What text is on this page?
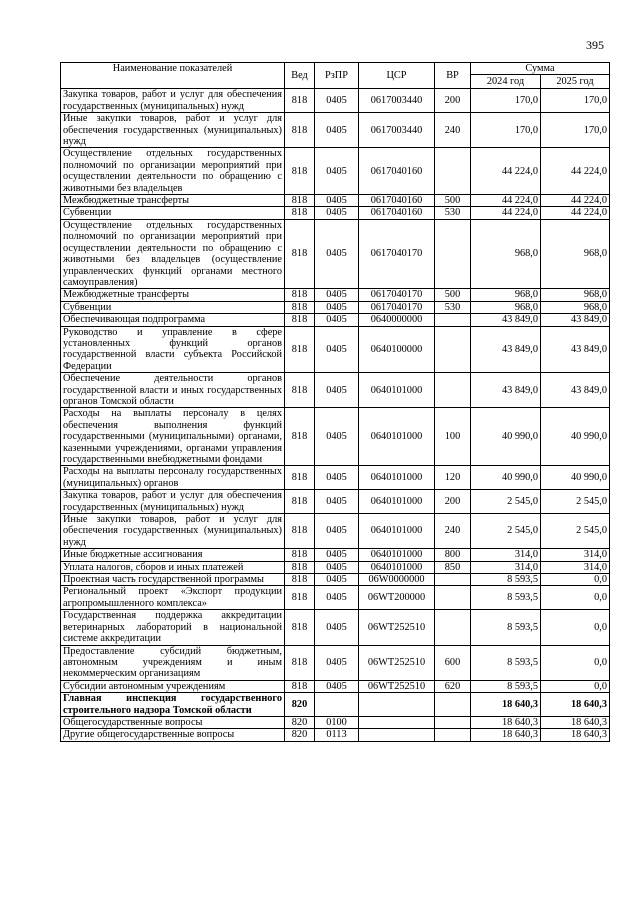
395
Наименование показателей	Вед	РзПР	ЦСР	ВР	Сумма	
					2024 год	2025 год
Закупка товаров, работ и услуг для обеспечения государственных (муниципальных) нужд	818	0405	0617003440	200	170,0	170,0
Иные закупки товаров, работ и услуг для обеспечения государственных (муниципальных) нужд	818	0405	0617003440	240	170,0	170,0
Осуществление отдельных государственных полномочий по организации мероприятий при осуществлении деятельности по обращению с животными без владельцев	818	0405	0617040160		44 224,0	44 224,0
Межбюджетные трансферты	818	0405	0617040160	500	44 224,0	44 224,0
Субвенции	818	0405	0617040160	530	44 224,0	44 224,0
Осуществление отдельных государственных полномочий по организации мероприятий при осуществлении деятельности по обращению с животными без владельцев (осуществление управленческих функций органами местного самоуправления)	818	0405	0617040170		968,0	968,0
Межбюджетные трансферты	818	0405	0617040170	500	968,0	968,0
Субвенции	818	0405	0617040170	530	968,0	968,0
Обеспечивающая подпрограмма	818	0405	0640000000		43 849,0	43 849,0
Руководство и управление в сфере установленных функций органов государственной власти субъекта Российской Федерации	818	0405	0640100000		43 849,0	43 849,0
Обеспечение деятельности органов государственной власти и иных государственных органов Томской области	818	0405	0640101000		43 849,0	43 849,0
Расходы на выплаты персоналу в целях обеспечения выполнения функций государственными (муниципальными) органами, казенными учреждениями, органами управления государственными внебюджетными фондами	818	0405	0640101000	100	40 990,0	40 990,0
Расходы на выплаты персоналу государственных (муниципальных) органов	818	0405	0640101000	120	40 990,0	40 990,0
Закупка товаров, работ и услуг для обеспечения государственных (муниципальных) нужд	818	0405	0640101000	200	2 545,0	2 545,0
Иные закупки товаров, работ и услуг для обеспечения государственных (муниципальных) нужд	818	0405	0640101000	240	2 545,0	2 545,0
Иные бюджетные ассигнования	818	0405	0640101000	800	314,0	314,0
Уплата налогов, сборов и иных платежей	818	0405	0640101000	850	314,0	314,0
Проектная часть государственной программы	818	0405	06W0000000		8 593,5	0,0
Региональный проект «Экспорт продукции агропромышленного комплекса»	818	0405	06WT200000		8 593,5	0,0
Государственная поддержка аккредитации ветеринарных лабораторий в национальной системе аккредитации	818	0405	06WT252510		8 593,5	0,0
Предоставление субсидий бюджетным, автономным учреждениям и иным некоммерческим организациям	818	0405	06WT252510	600	8 593,5	0,0
Субсидии автономным учреждениям	818	0405	06WT252510	620	8 593,5	0,0
Главная инспекция государственного строительного надзора Томской области	820				18 640,3	18 640,3
Общегосударственные вопросы	820	0100			18 640,3	18 640,3
Другие общегосударственные вопросы	820	0113			18 640,3	18 640,3
